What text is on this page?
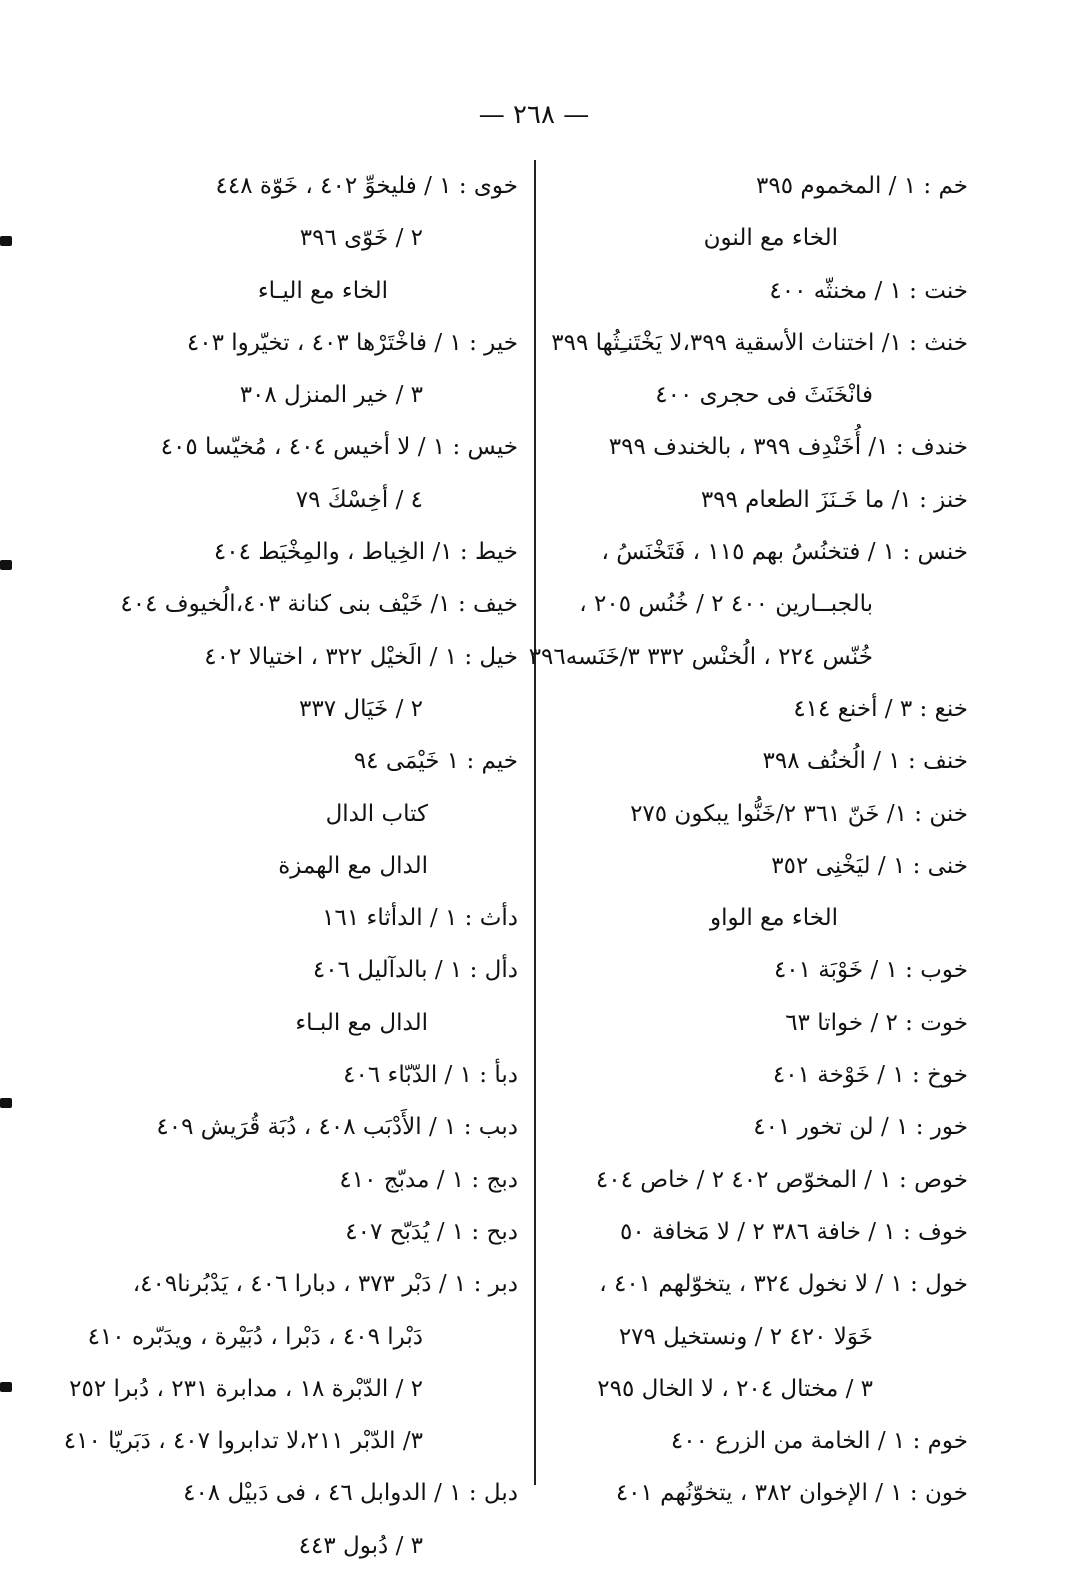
— ٢٦٨ —
خم : ١ / المخموم ٣٩٥
الخاء مع النون
خنت : ١ / مخنثّه ٤٠٠
خنث : ١/ اختناث الأسقية ٣٩٩،لا يَخْتَنـِثُها ٣٩٩
فانْخَنَثَ فى حجرى ٤٠٠
خندف : ١/ أُخَنْدِف ٣٩٩ ، بالخندف ٣٩٩
خنز : ١/ ما خَـنَزَ الطعام ٣٩٩
خنس : ١ / فتخنُسُ بهم ١١٥ ، فَتَخْنَسُ ،
بالجبــارين ٤٠٠ ٢ / خُنُس ٢٠٥ ،
خُنّس ٢٢٤ ، الُخنْس ٣٣٢ ٣/خَنَسه٣٩٦
خنع : ٣ / أخنع ٤١٤
خنف : ١ / الُخنُف ٣٩٨
خنن : ١/ خَنّ ٣٦١ ٢/خَنُّوا يبكون ٢٧٥
خنى : ١ / ليَخْنِى ٣٥٢
الخاء مع الواو
خوب : ١ / خَوْبَة ٤٠١
خوت : ٢ / خواتا ٦٣
خوخ : ١ / خَوْخة ٤٠١
خور : ١ / لن تخور ٤٠١
خوص : ١ / المخوّص ٤٠٢ ٢ / خاص ٤٠٤
خوف : ١ / خافة ٣٨٦ ٢ / لا مَخافة ٥٠
خول : ١ / لا نخول ٣٢٤ ، يتخوّلهم ٤٠١ ،
خَوَلا ٤٢٠ ٢ / ونستخيل ٢٧٩
٣ / مختال ٢٠٤ ، لا الخال ٢٩٥
خوم : ١ / الخامة من الزرع ٤٠٠
خون : ١ / الإخوان ٣٨٢ ، يتخوّنُهم ٤٠١
خوى : ١ / فليخوِّ ٤٠٢ ، خَوّة ٤٤٨
٢ / خَوّى ٣٩٦
الخاء مع اليـاء
خير : ١ / فاخْتَرْها ٤٠٣ ، تخيّروا ٤٠٣
٣ / خير المنزل ٣٠٨
خيس : ١ / لا أخيس ٤٠٤ ، مُخيّسا ٤٠٥
٤ / أخِسْكَ ٧٩
خيط : ١/ الخِياط ، والمِخْيَط ٤٠٤
خيف : ١/ خَيْف بنى كنانة ٤٠٣،الُخيوف ٤٠٤
خيل : ١ / الَخيْل ٣٢٢ ، اختيالا ٤٠٢
٢ / خَيَال ٣٣٧
خيم : ١ خَيْمَى ٩٤
كتاب الدال
الدال مع الهمزة
دأث : ١ / الدأثاء ١٦١
دأل : ١ / بالدآليل ٤٠٦
الدال مع البـاء
دبأ : ١ / الدّبّاء ٤٠٦
دبب : ١ / الأَدْبَب ٤٠٨ ، دُبَة قُرَيش ٤٠٩
دبج : ١ / مدبّج ٤١٠
دبح : ١ / يُدَبّح ٤٠٧
دبر : ١ / دَبْر ٣٧٣ ، دبارا ٤٠٦ ، يَدْبُرنا٤٠٩،
دَبْرا ٤٠٩ ، دَبْرا ، دُبَيْرة ، ويدَبّره ٤١٠
٢ / الدّبْرة ١٨ ، مدابرة ٢٣١ ، دُبرا ٢٥٢
٣/ الدّبْر ٢١١،لا تدابروا ٤٠٧ ، دَبَريّا ٤١٠
دبل : ١ / الدوابل ٤٦ ، فى دَبيْل ٤٠٨
٣ / دُبول ٤٤٣
